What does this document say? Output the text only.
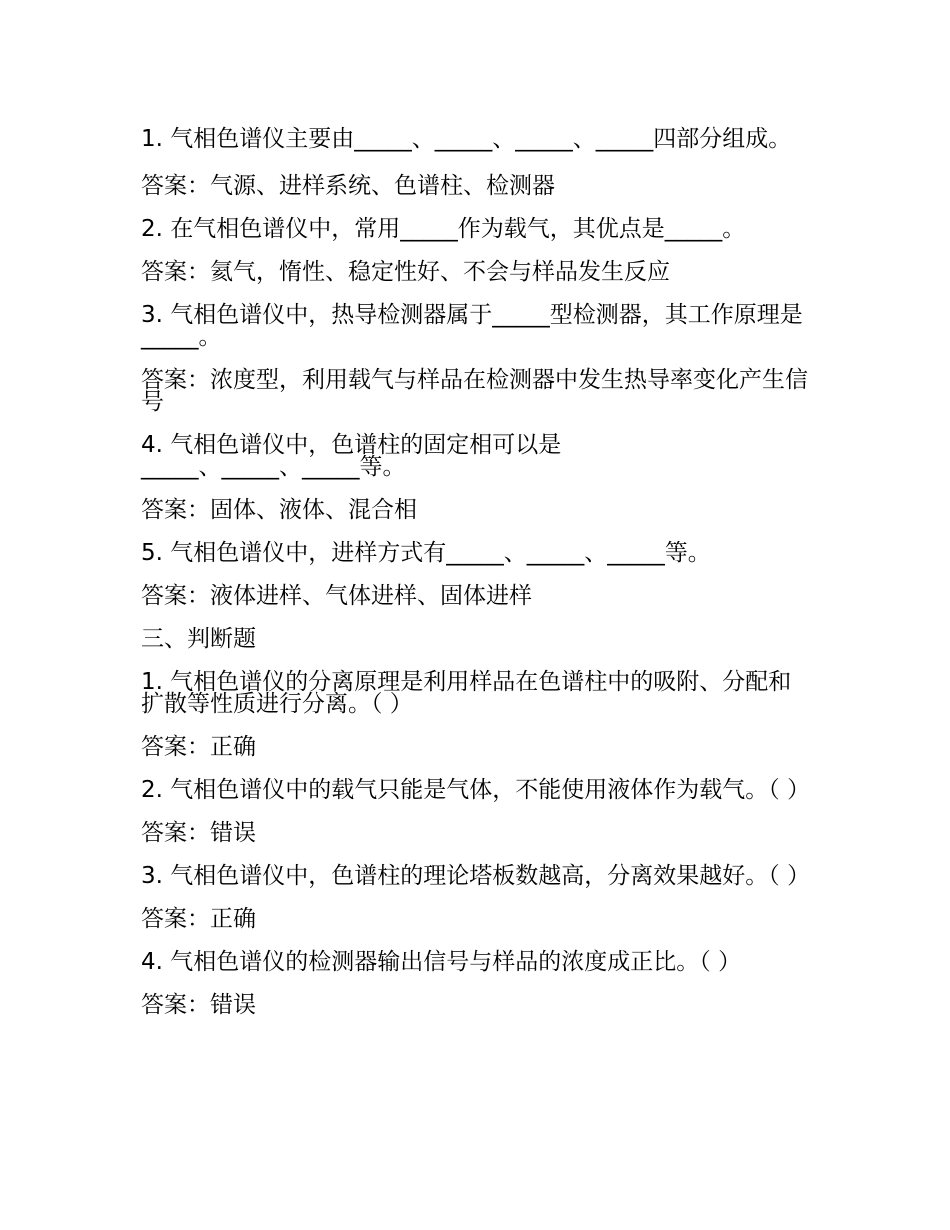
1. 气相色谱仪主要由_____、_____、_____、_____四部分组成。

答案：气源、进样系统、色谱柱、检测器

2. 在气相色谱仪中，常用_____作为载气，其优点是_____。

答案：氦气，惰性、稳定性好、不会与样品发生反应

3. 气相色谱仪中，热导检测器属于_____型检测器，其工作原理是_____。

答案：浓度型，利用载气与样品在检测器中发生热导率变化产生信号

4. 气相色谱仪中，色谱柱的固定相可以是

_____、_____、_____等。

答案：固体、液体、混合相

5. 气相色谱仪中，进样方式有_____、_____、_____等。

答案：液体进样、气体进样、固体进样

三、判断题

1. 气相色谱仪的分离原理是利用样品在色谱柱中的吸附、分配和扩散等性质进行分离。（ ）

答案：正确

2. 气相色谱仪中的载气只能是气体，不能使用液体作为载气。（ ）

答案：错误

3. 气相色谱仪中，色谱柱的理论塔板数越高，分离效果越好。（ ）

答案：正确

4. 气相色谱仪的检测器输出信号与样品的浓度成正比。（ ）

答案：错误
